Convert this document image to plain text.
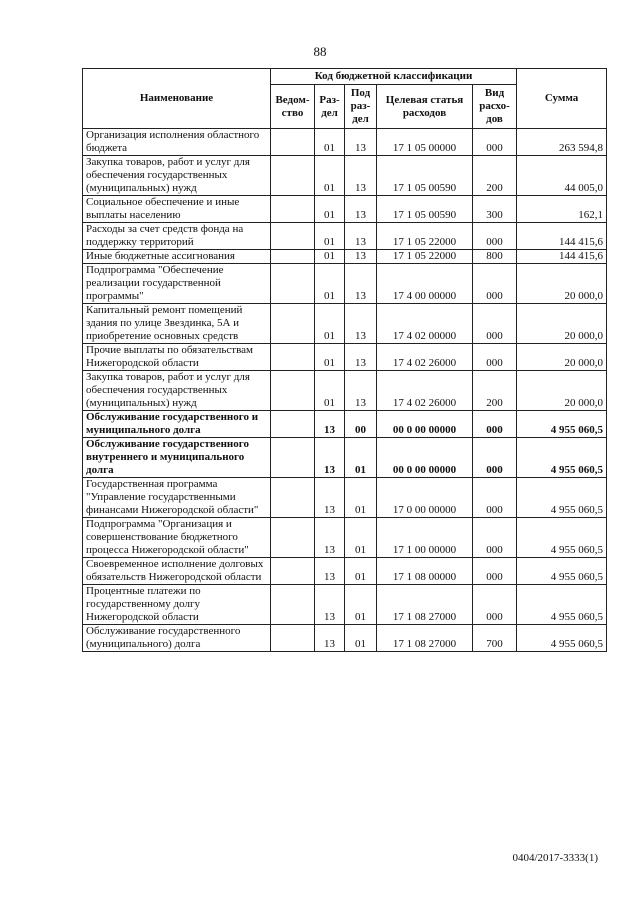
88
Наименование	Код бюджетной классификации					Сумма
	Ведом-ство	Раз-дел	Под раз-дел	Целевая статья расходов	Вид расхо-дов	
Организация исполнения областного бюджета		01	13	17 1 05 00000	000	263 594,8
Закупка товаров, работ и услуг для обеспечения государственных (муниципальных) нужд		01	13	17 1 05 00590	200	44 005,0
Социальное обеспечение и иные выплаты населению		01	13	17 1 05 00590	300	162,1
Расходы за счет средств фонда на поддержку территорий		01	13	17 1 05 22000	000	144 415,6
Иные бюджетные ассигнования		01	13	17 1 05 22000	800	144 415,6
Подпрограмма "Обеспечение реализации государственной программы"		01	13	17 4 00 00000	000	20 000,0
Капитальный ремонт помещений здания по улице Звездинка, 5А и приобретение основных средств		01	13	17 4 02 00000	000	20 000,0
Прочие выплаты по обязательствам Нижегородской области		01	13	17 4 02 26000	000	20 000,0
Закупка товаров, работ и услуг для обеспечения государственных (муниципальных) нужд		01	13	17 4 02 26000	200	20 000,0
Обслуживание государственного и муниципального долга		13	00	00 0 00 00000	000	4 955 060,5
Обслуживание государственного внутреннего и муниципального долга		13	01	00 0 00 00000	000	4 955 060,5
Государственная программа "Управление государственными финансами Нижегородской области"		13	01	17 0 00 00000	000	4 955 060,5
Подпрограмма "Организация и совершенствование бюджетного процесса Нижегородской области"		13	01	17 1 00 00000	000	4 955 060,5
Своевременное исполнение долговых обязательств Нижегородской области		13	01	17 1 08 00000	000	4 955 060,5
Процентные платежи по государственному долгу Нижегородской области		13	01	17 1 08 27000	000	4 955 060,5
Обслуживание государственного (муниципального) долга		13	01	17 1 08 27000	700	4 955 060,5
0404/2017-3333(1)
